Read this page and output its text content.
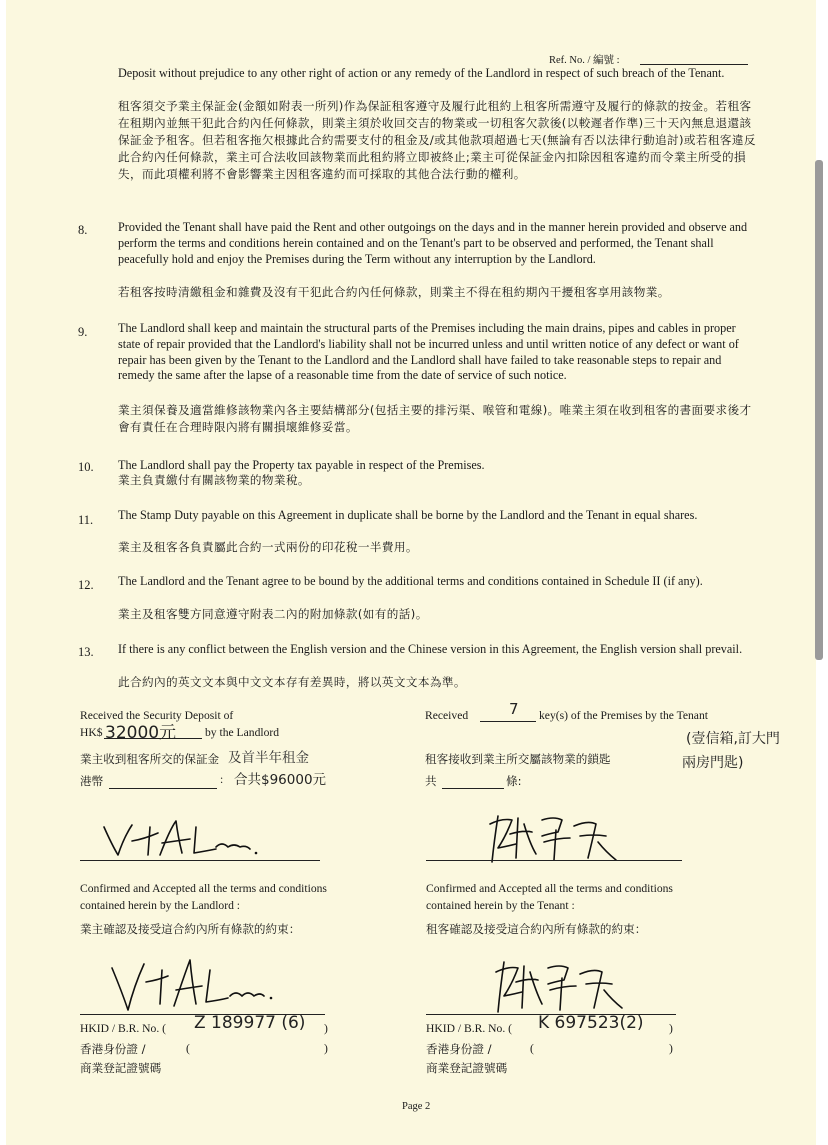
Ref. No. / 編號 :
Deposit without prejudice to any other right of action or any remedy of the Landlord in respect of such breach of the Tenant.
租客須交予業主保証金(金額如附表一所列)作為保証租客遵守及履行此租約上租客所需遵守及履行的條款的按金。若租客在租期內並無干犯此合約內任何條款，則業主須於收回交吉的物業或一切租客欠款後(以較遲者作準)三十天內無息退還該保証金予租客。但若租客拖欠根據此合約需要支付的租金及/或其他款項超過七天(無論有否以法律行動追討)或若租客違反此合約內任何條款，業主可合法收回該物業而此租約將立即被終止;業主可從保証金內扣除因租客違約而令業主所受的損失，而此項權利將不會影響業主因租客違約而可採取的其他合法行動的權利。
8.	Provided the Tenant shall have paid the Rent and other outgoings on the days and in the manner herein provided and observe and perform the terms and conditions herein contained and on the Tenant's part to be observed and performed, the Tenant shall peacefully hold and enjoy the Premises during the Term without any interruption by the Landlord.
若租客按時清繳租金和雜費及沒有干犯此合約內任何條款，則業主不得在租約期內干擾租客享用該物業。
9.	The Landlord shall keep and maintain the structural parts of the Premises including the main drains, pipes and cables in proper state of repair provided that the Landlord's liability shall not be incurred unless and until written notice of any defect or want of repair has been given by the Tenant to the Landlord and the Landlord shall have failed to take reasonable steps to repair and remedy the same after the lapse of a reasonable time from the date of service of such notice.
業主須保養及適當維修該物業內各主要結構部分(包括主要的排污渠、喉管和電線)。唯業主須在收到租客的書面要求後才會有責任在合理時限內將有關損壞維修妥當。
10. The Landlord shall pay the Property tax payable in respect of the Premises.
業主負責繳付有關該物業的物業稅。
11. The Stamp Duty payable on this Agreement in duplicate shall be borne by the Landlord and the Tenant in equal shares.
業主及租客各負責屬此合約一式兩份的印花稅一半費用。
12. The Landlord and the Tenant agree to be bound by the additional terms and conditions contained in Schedule II (if any).
業主及租客雙方同意遵守附表二內的附加條款(如有的話)。
13. If there is any conflict between the English version and the Chinese version in this Agreement, the English version shall prevail.
此合約內的英文文本與中文文本存有差異時，將以英文文本為準。
Received the Security Deposit of
HK$ 32000元 by the Landlord
業主收到租客所交的保証金 及首半年租金
港幣	: 合共$96000元
Received	7 key(s) of the Premises by the Tenant
租客接收到業主所交屬該物業的鎖匙
(壹信箱,訂大門
兩房門匙)
共	條:
Confirmed and Accepted all the terms and conditions
contained herein by the Landlord :
業主確認及接受這合約內所有條款的約束：
Confirmed and Accepted all the terms and conditions
contained herein by the Tenant :
租客確認及接受這合約內所有條款的約束：
HKID / B.R. No. ( Z 189977 (6) )
香港身份證 /	(	)
商業登記證號碼
HKID / B.R. No. ( K 697523(2) )
香港身份證 /	(	)
商業登記證號碼
Page 2
